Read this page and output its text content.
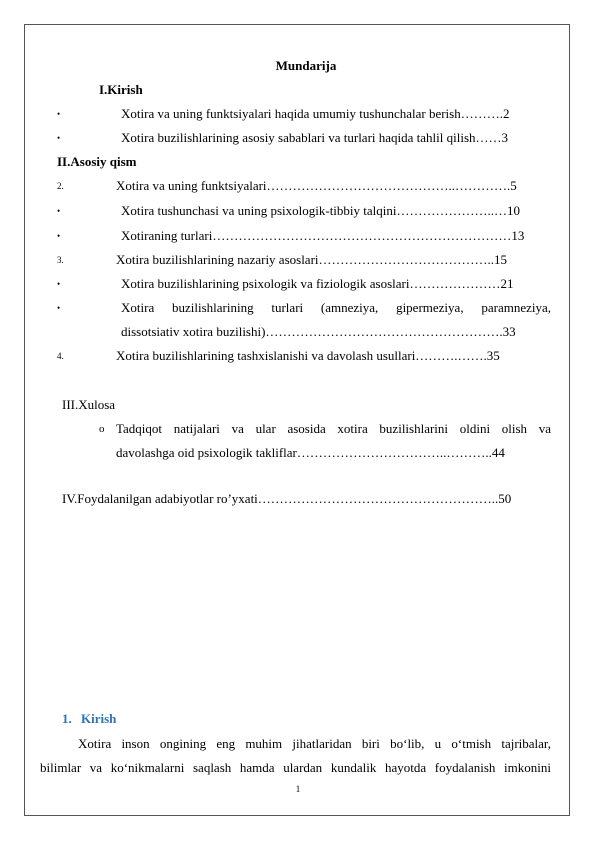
Mundarija
I.Kirish
•	Xotira va uning funktsiyalari haqida umumiy tushunchalar berish……….2
•	Xotira buzilishlarining asosiy sabablari va turlari haqida tahlil qilish……3
II.Asosiy qism
2.	Xotira va uning funktsiyalari……………………………………..………….5
•	Xotira tushunchasi va uning psixologik-tibbiy talqini…………………..…10
•	Xotiraning turlari……………………………………………………………13
3.	Xotira buzilishlarining nazariy asoslari…………………………………..15
•	Xotira buzilishlarining psixologik va fiziologik asoslari…………………21
•	Xotira buzilishlarining turlari (amneziya, gipermeziya, paramneziya,
dissotsiativ xotira buzilishi)……………………………………………….33
4.	Xotira buzilishlarining tashxislanishi va davolash usullari……….…….35
III.Xulosa
o Tadqiqot natijalari va ular asosida xotira buzilishlarini oldini olish va
davolashga oid psixologik takliflar……………………………..………..44
IV.Foydalanilgan adabiyotlar ro’yxati………………………………………………..50
1. Kirish
Xotira inson ongining eng muhim jihatlaridan biri bo‘lib, u o‘tmish tajribalar,
bilimlar va ko‘nikmalarni saqlash hamda ulardan kundalik hayotda foydalanish imkonini
1
